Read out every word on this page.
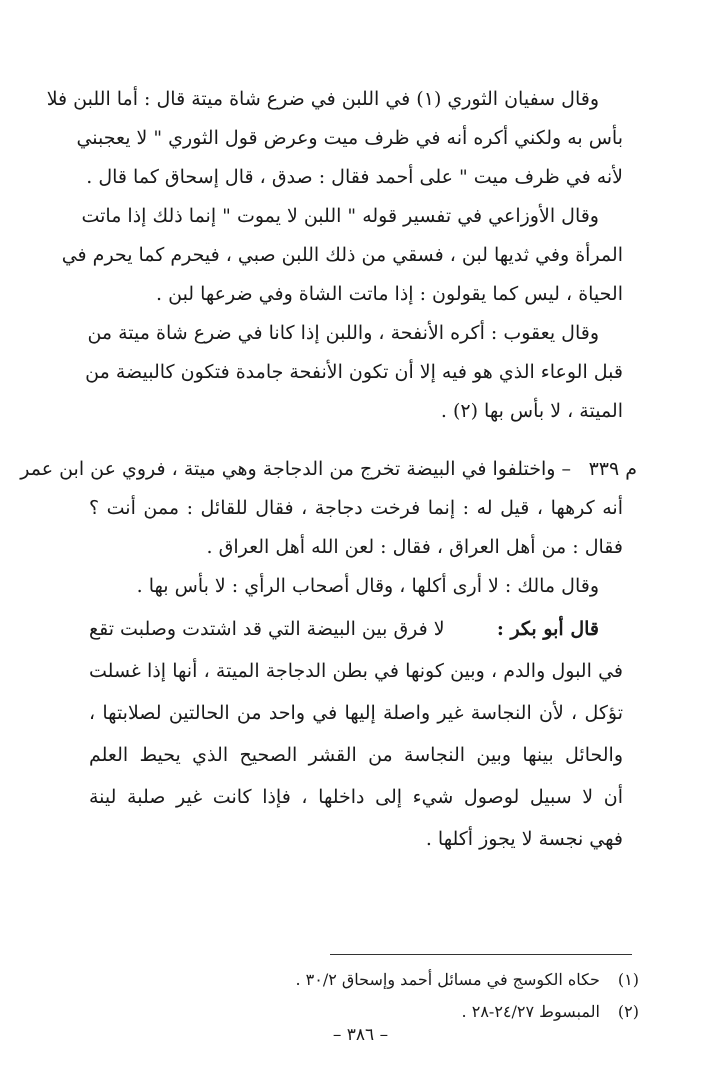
وقال سفيان الثوري (١) في اللبن في ضرع شاة ميتة قال : أما اللبن فلا
بأس به ولكني أكره أنه في ظرف ميت وعرض قول الثوري " لا يعجبني
لأنه في ظرف ميت " على أحمد فقال : صدق ، قال إسحاق كما قال .
وقال الأوزاعي في تفسير قوله " اللبن لا يموت " إنما ذلك إذا ماتت
المرأة وفي ثديها لبن ، فسقي من ذلك اللبن صبي ، فيحرم كما يحرم في
الحياة ، ليس كما يقولون : إذا ماتت الشاة وفي ضرعها لبن .
وقال يعقوب : أكره الأنفحة ، واللبن إذا كانا في ضرع شاة ميتة من
قبل الوعاء الذي هو فيه إلا أن تكون الأنفحة جامدة فتكون كالبيضة من
الميتة ، لا بأس بها (٢) .
م ٣٣٩
– واختلفوا في البيضة تخرج من الدجاجة وهي ميتة ، فروي عن ابن عمر
أنه كرهها ، قيل له : إنما فرخت دجاجة ، فقال للقائل : ممن أنت ؟
فقال : من أهل العراق ، فقال : لعن الله أهل العراق .
وقال مالك : لا أرى أكلها ، وقال أصحاب الرأي : لا بأس بها .
قال أبو بكر :
لا فرق بين البيضة التي قد اشتدت وصلبت تقع
في البول والدم ، وبين كونها في بطن الدجاجة الميتة ، أنها إذا غسلت
تؤكل ، لأن النجاسة غير واصلة إليها في واحد من الحالتين لصلابتها ،
والحائل بينها وبين النجاسة من القشر الصحيح الذي يحيط العلم
أن لا سبيل لوصول شيء إلى داخلها ، فإذا كانت غير صلبة لينة
فهي نجسة لا يجوز أكلها .
(١) حكاه الكوسج في مسائل أحمد وإسحاق ٣٠/٢ .
(٢) المبسوط ٢٤/٢٧-٢٨ .
– ٣٨٦ –
